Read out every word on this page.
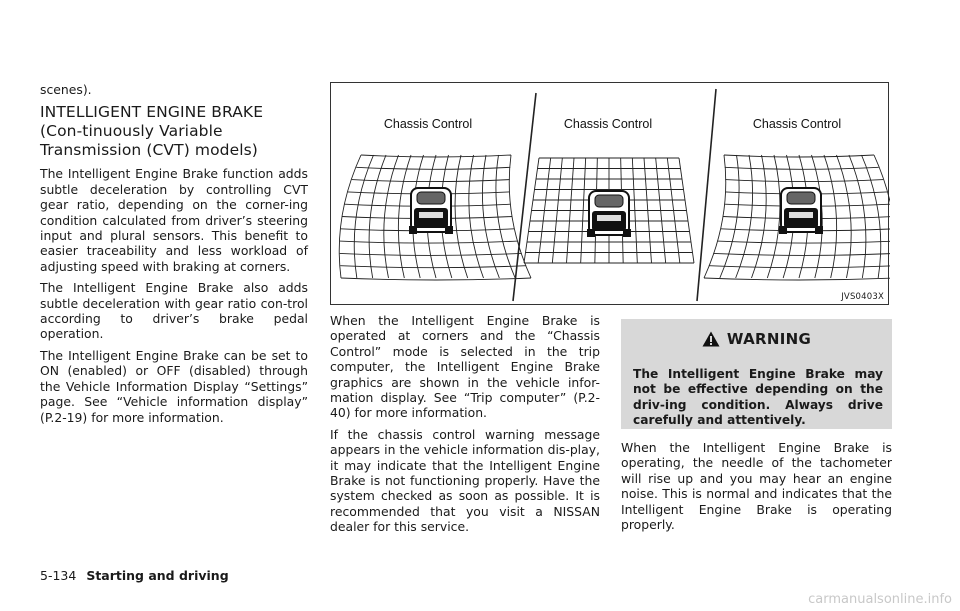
scenes).

INTELLIGENT ENGINE BRAKE (Con-tinuously Variable Transmission (CVT) models)

The Intelligent Engine Brake function adds subtle deceleration by controlling CVT gear ratio, depending on the corner-ing condition calculated from driver’s steering input and plural sensors. This benefit to easier traceability and less workload of adjusting speed with braking at corners.

The Intelligent Engine Brake also adds subtle deceleration with gear ratio con-trol according to driver’s brake pedal operation.

The Intelligent Engine Brake can be set to ON (enabled) or OFF (disabled) through the Vehicle Information Display “Settings” page. See “Vehicle information display” (P.2-19) for more information.

Chassis Control	Chassis Control	Chassis Control
JVS0403X

When the Intelligent Engine Brake is operated at corners and the “Chassis Control” mode is selected in the trip computer, the Intelligent Engine Brake graphics are shown in the vehicle infor-mation display. See “Trip computer” (P.2-40) for more information.

If the chassis control warning message appears in the vehicle information dis-play, it may indicate that the Intelligent Engine Brake is not functioning properly. Have the system checked as soon as possible. It is recommended that you visit a NISSAN dealer for this service.

WARNING
The Intelligent Engine Brake may not be effective depending on the driv-ing condition. Always drive carefully and attentively.

When the Intelligent Engine Brake is operating, the needle of the tachometer will rise up and you may hear an engine noise. This is normal and indicates that the Intelligent Engine Brake is operating properly.

5-134 Starting and driving
carmanualsonline.info
